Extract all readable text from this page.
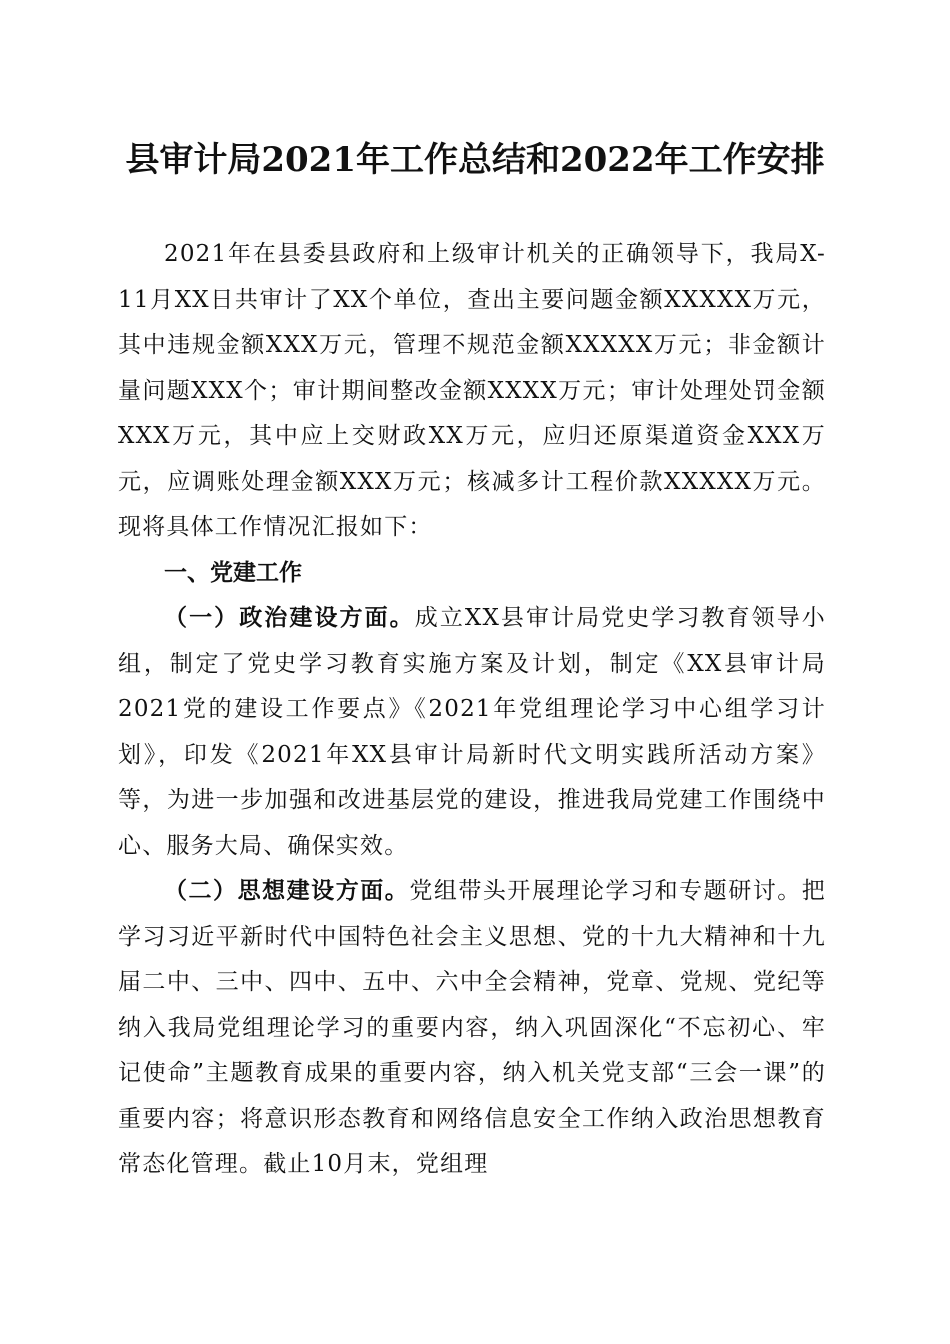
县审计局2021年工作总结和2022年工作安排

2021年在县委县政府和上级审计机关的正确领导下，我局X-11月XX日共审计了XX个单位，查出主要问题金额XXXXX万元，其中违规金额XXX万元，管理不规范金额XXXXX万元；非金额计量问题XXX个；审计期间整改金额XXXX万元；审计处理处罚金额XXX万元，其中应上交财政XX万元，应归还原渠道资金XXX万元，应调账处理金额XXX万元；核减多计工程价款XXXXX万元。现将具体工作情况汇报如下：

一、党建工作

（一）政治建设方面。成立XX县审计局党史学习教育领导小组，制定了党史学习教育实施方案及计划，制定《XX县审计局2021党的建设工作要点》《2021年党组理论学习中心组学习计划》，印发《2021年XX县审计局新时代文明实践所活动方案》等，为进一步加强和改进基层党的建设，推进我局党建工作围绕中心、服务大局、确保实效。

（二）思想建设方面。党组带头开展理论学习和专题研讨。把学习习近平新时代中国特色社会主义思想、党的十九大精神和十九届二中、三中、四中、五中、六中全会精神，党章、党规、党纪等纳入我局党组理论学习的重要内容，纳入巩固深化“不忘初心、牢记使命”主题教育成果的重要内容，纳入机关党支部“三会一课”的重要内容；将意识形态教育和网络信息安全工作纳入政治思想教育常态化管理。截止10月末，党组理
